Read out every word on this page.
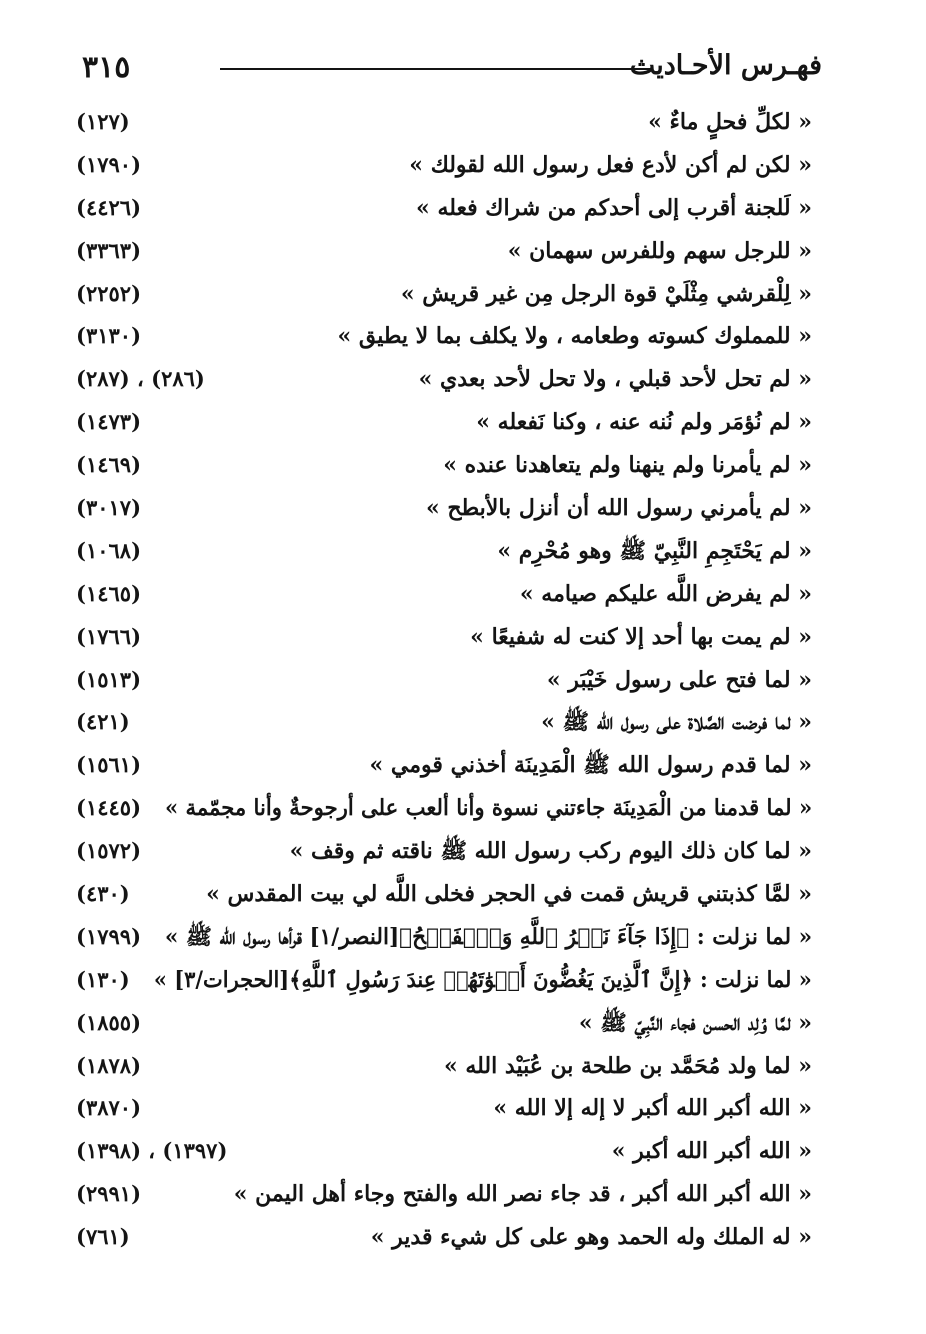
٣١٥	فهـرس الأحـاديث
« لكلِّ فحلٍ ماءٌ »
(١٢٧)
« لكن لم أكن لأدع فعل رسول الله لقولك »
(١٧٩٠)
« لَلجنة أقرب إلى أحدكم من شراك فعله »
(٤٤٢٦)
« للرجل سهم وللفرس سهمان »
(٣٣٦٣)
« لِلْقرشي مِثْلَيْ قوة الرجل مِن غير قريش »
(٢٢٥٢)
« للمملوك كسوته وطعامه ، ولا يكلف بما لا يطيق »
(٣١٣٠)
« لم تحل لأحد قبلي ، ولا تحل لأحد بعدي »
(٢٨٦) ، (٢٨٧)
« لم نُؤمَر ولم نُنه عنه ، وكنا نَفعله »
(١٤٧٣)
« لم يأمرنا ولم ينهنا ولم يتعاهدنا عنده »
(١٤٦٩)
« لم يأمرني رسول الله أن أنزل بالأبطح »
(٣٠١٧)
« لم يَحْتَجِمِ النَّبِيّ ﷺ وهو مُحْرِم »
(١٠٦٨)
« لم يفرض اللَّه عليكم صيامه »
(١٤٦٥)
« لم يمت بها أحد إلا كنت له شفيعًا »
(١٧٦٦)
« لما فتح على رسول خَيْبَر »
(١٥١٣)
« لما فرضت الصَّلاة على رسول الله ﷺ »
(٤٢١)
« لما قدم رسول الله ﷺ الْمَدِينَة أخذني قومي »
(١٥٦١)
« لما قدمنا من الْمَدِينَة جاءتني نسوة وأنا ألعب على أرجوحةٌ وأنا مجمّمة »
(١٤٤٥)
« لما كان ذلك اليوم ركب رسول الله ﷺ ناقته ثم وقف »
(١٥٧٢)
« لمَّا كذبتني قريش قمت في الحجر فخلى اللَّه لي بيت المقدس »
(٤٣٠)
« لما نزلت : ﴿إِذَا جَآءَ نَصۡرُ ٱللَّهِ وَٱلۡفَتۡحُ﴾[النصر/١] قرأها رسول الله ﷺ »
(١٧٩٩)
« لما نزلت : ﴿إِنَّ ٱلَّذِينَ يَغُضُّونَ أَصۡوَٰتَهُمۡ عِندَ رَسُولِ ٱللَّهِ﴾[الحجرات/٣] »
(١٣٠)
« لمَّا وُلِد الحسن فجاء النَّبِيّ ﷺ »
(١٨٥٥)
« لما ولد مُحَمَّد بن طلحة بن عُبَيْد الله »
(١٨٧٨)
« الله أكبر الله أكبر لا إله إلا الله »
(٣٨٧٠)
« الله أكبر الله أكبر »
(١٣٩٧) ، (١٣٩٨)
« الله أكبر الله أكبر ، قد جاء نصر الله والفتح وجاء أهل اليمن »
(٢٩٩١)
« له الملك وله الحمد وهو على كل شيء قدير »
(٧٦١)
